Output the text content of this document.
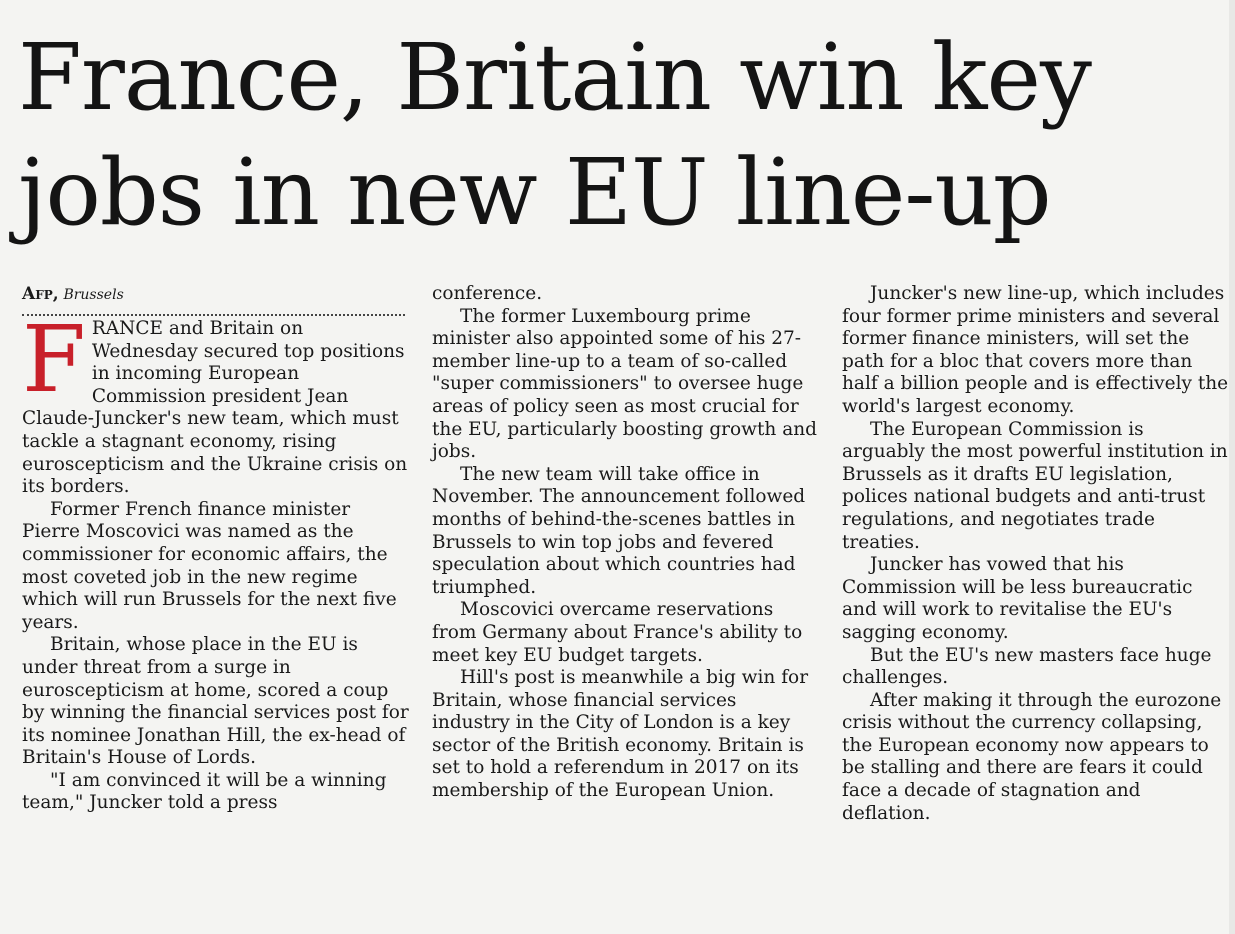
France, Britain win key
jobs in new EU line-up
Afp, Brussels

FRANCE and Britain on Wednesday secured top positions in incoming European Commission president Jean Claude-Juncker's new team, which must tackle a stagnant economy, rising euroscepticism and the Ukraine crisis on its borders.

Former French finance minister Pierre Moscovici was named as the commissioner for economic affairs, the most coveted job in the new regime which will run Brussels for the next five years.

Britain, whose place in the EU is under threat from a surge in euroscepticism at home, scored a coup by winning the financial services post for its nominee Jonathan Hill, the ex-head of Britain's House of Lords.

"I am convinced it will be a winning team," Juncker told a press

conference.

The former Luxembourg prime minister also appointed some of his 27-member line-up to a team of so-called "super commissioners" to oversee huge areas of policy seen as most crucial for the EU, particularly boosting growth and jobs.

The new team will take office in November. The announcement followed months of behind-the-scenes battles in Brussels to win top jobs and fevered speculation about which countries had triumphed.

Moscovici overcame reservations from Germany about France's ability to meet key EU budget targets.

Hill's post is meanwhile a big win for Britain, whose financial services industry in the City of London is a key sector of the British economy. Britain is set to hold a referendum in 2017 on its membership of the European Union.

Juncker's new line-up, which includes four former prime ministers and several former finance ministers, will set the path for a bloc that covers more than half a billion people and is effectively the world's largest economy.

The European Commission is arguably the most powerful institution in Brussels as it drafts EU legislation, polices national budgets and anti-trust regulations, and negotiates trade treaties.

Juncker has vowed that his Commission will be less bureaucratic and will work to revitalise the EU's sagging economy.

But the EU's new masters face huge challenges.

After making it through the eurozone crisis without the currency collapsing, the European economy now appears to be stalling and there are fears it could face a decade of stagnation and deflation.
